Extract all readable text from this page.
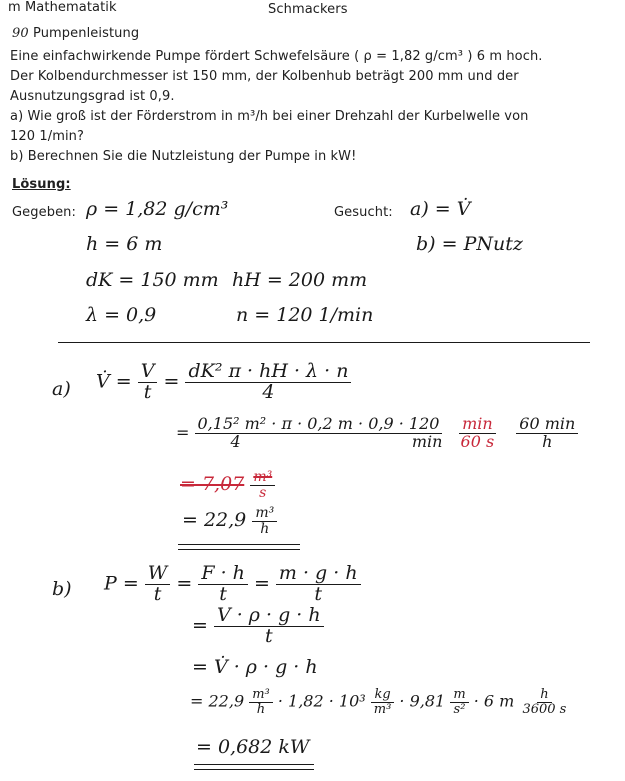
m Mathematatik	Schmackers
90 Pumpenleistung
Eine einfachwirkende Pumpe fördert Schwefelsäure ( ρ = 1,82 g/cm³ ) 6 m hoch.
Der Kolbendurchmesser ist 150 mm, der Kolbenhub beträgt 200 mm und der
Ausnutzungsgrad ist 0,9.
a) Wie groß ist der Förderstrom in m³/h bei einer Drehzahl der Kurbelwelle von
120 1/min?
b) Berechnen Sie die Nutzleistung der Pumpe in kW!
Lösung:
Gegeben: ρ = 1,82 g/cm³	Gesucht: a) = V̇
h = 6 m	b) = PNutz
dK = 150 mm hH = 200 mm
λ = 0,9	n = 120 1/min
a) V̇ = $\frac{V}{t} = \frac{\text{dK² π · hH · λ · n}}{4}$
= 0,15² m² · π · 0,2 m · 0,9 · 120
4	min
$\frac{\min}{60 s}$
$\frac{60 \min}{h}$
= $7,07 \frac{\text{m³}}{s}$
= $22,9 \frac{\text{m³}}{h}$
b) $P = \frac{W}{t} = \frac{F \cdot h}{t} = \frac{m \cdot g \cdot h}{t}$
= $\frac{V \cdot \rho \cdot g \cdot h}{t}$
= V̇ · ρ · g · h
= $22,9 \frac{\text{m³}}{h} \cdot 1,82 \cdot 10^3 \frac{kg}{\text{m³}} \cdot 9,81 \frac{m}{\text{s²}} \cdot 6$ m $\frac{h}{3600 s}$
= 0,682 kW
